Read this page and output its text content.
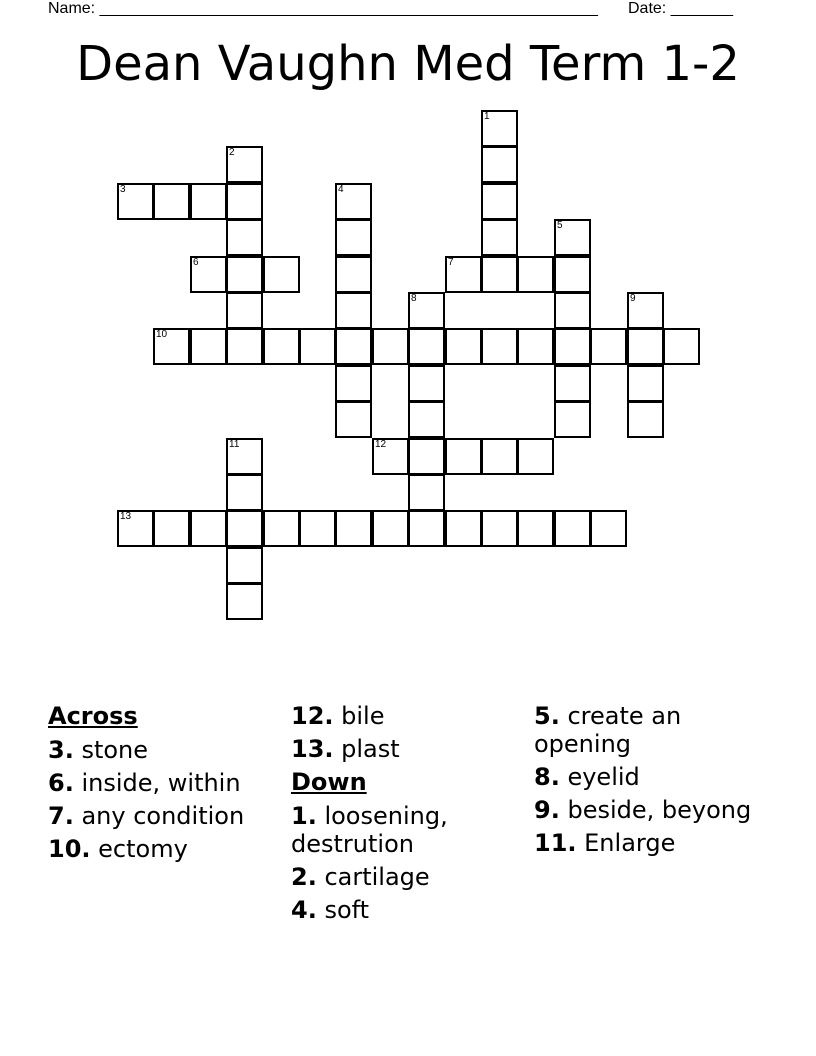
Name: ________________________________________________________ Date: _______
Dean Vaughn Med Term 1-2
1
2
3	4
5
6	7
8	9
10
11	12
13
Across
3. stone
6. inside, within
7. any condition
10. ectomy
12. bile
13. plast
Down
1. loosening, destrution
2. cartilage
4. soft
5. create an opening
8. eyelid
9. beside, beyong
11. Enlarge
